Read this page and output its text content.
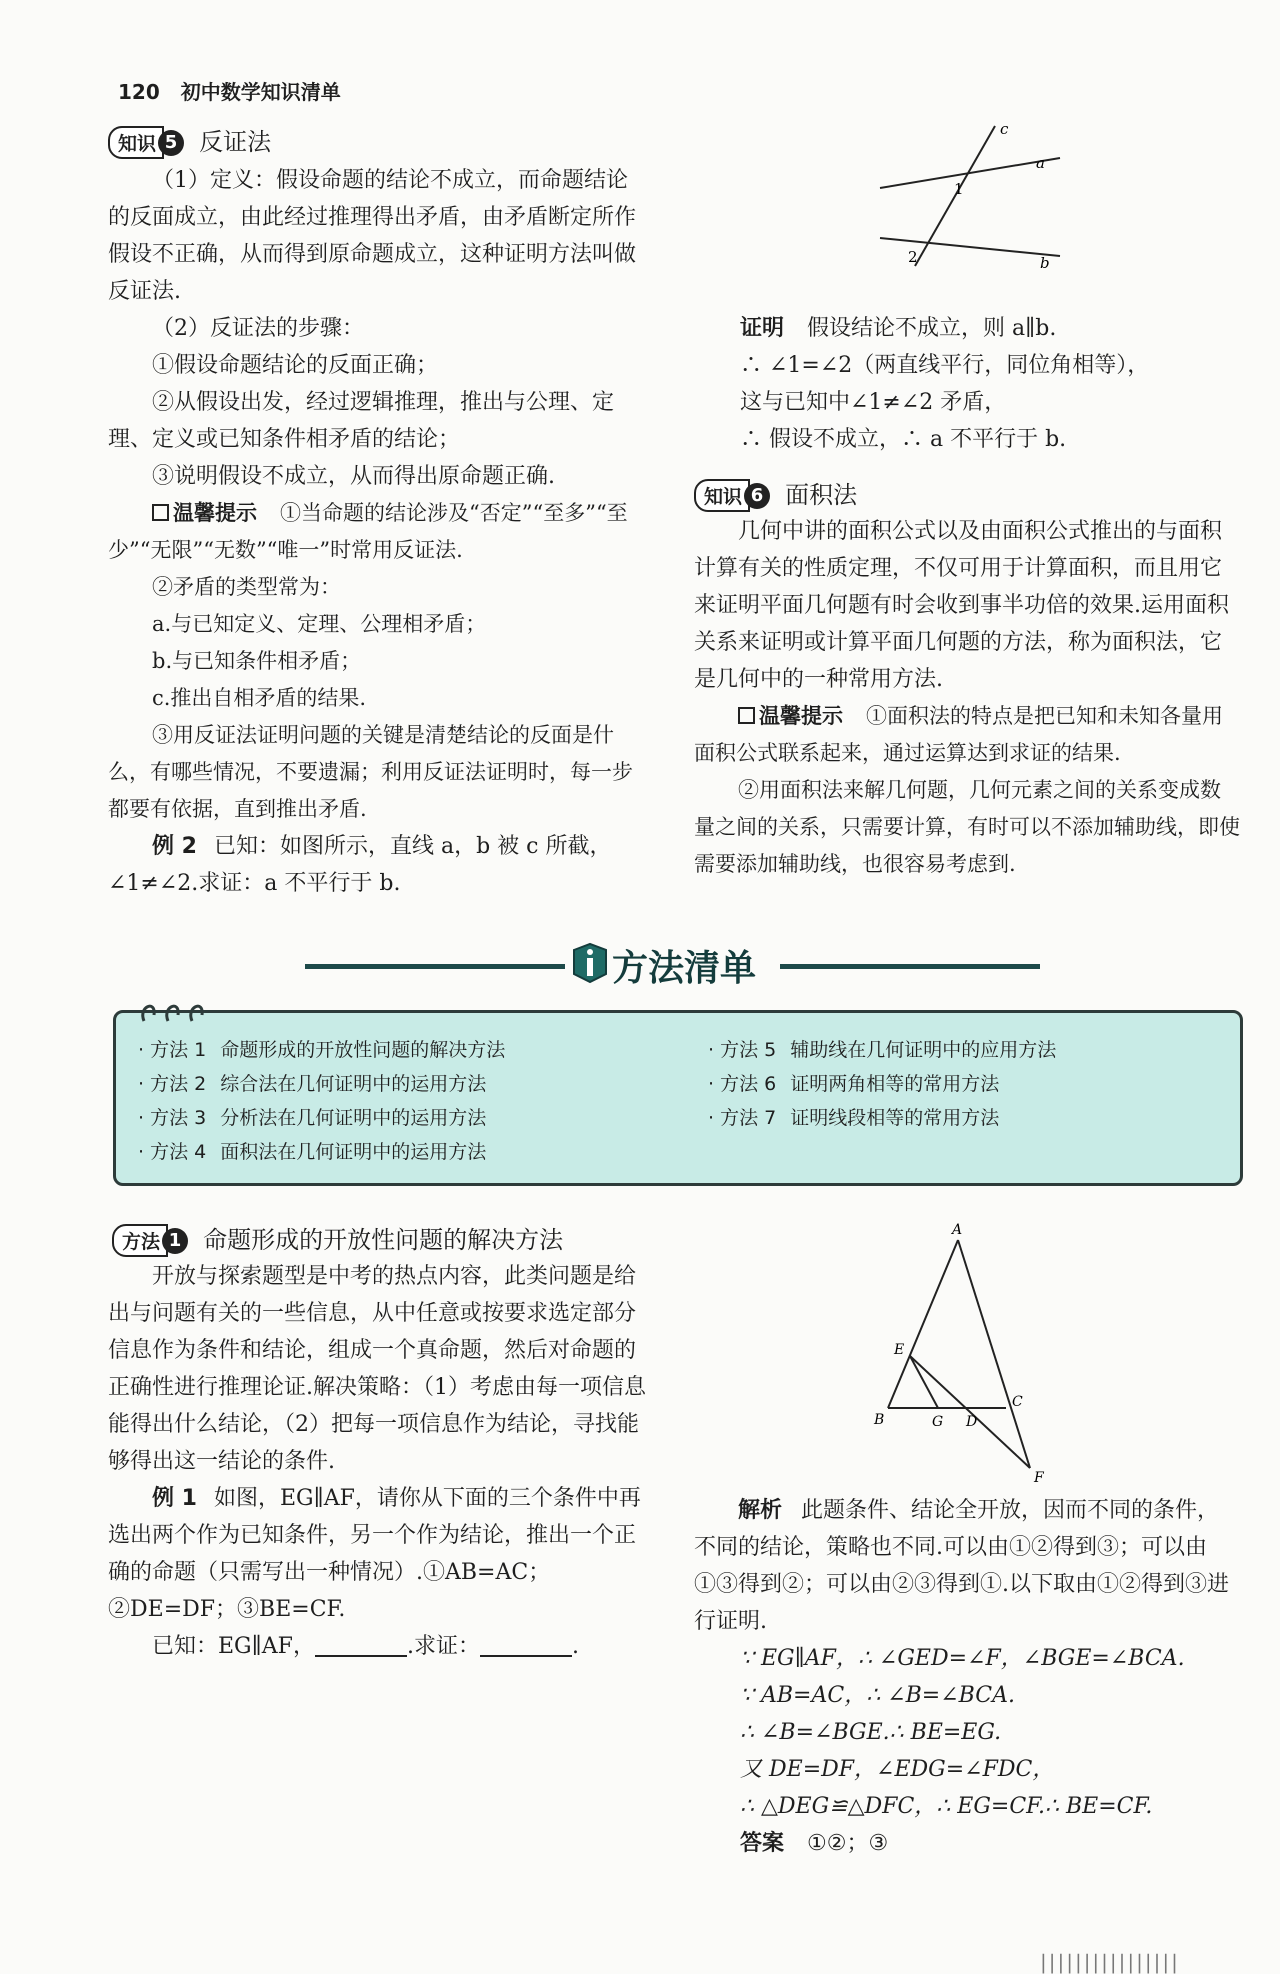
120 初中数学知识清单
知识 5 反证法

（1）定义：假设命题的结论不成立，而命题结论的反面成立，由此经过推理得出矛盾，由矛盾断定所作假设不正确，从而得到原命题成立，这种证明方法叫做反证法.

（2）反证法的步骤：

①假设命题结论的反面正确；

②从假设出发，经过逻辑推理，推出与公理、定理、定义或已知条件相矛盾的结论；

③说明假设不成立，从而得出原命题正确.

温馨提示 ①当命题的结论涉及“否定”“至多”“至少”“无限”“无数”“唯一”时常用反证法.

②矛盾的类型常为：

a.与已知定义、定理、公理相矛盾；

b.与已知条件相矛盾；

c.推出自相矛盾的结果.

③用反证法证明问题的关键是清楚结论的反面是什么，有哪些情况，不要遗漏；利用反证法证明时，每一步都要有依据，直到推出矛盾.

例 2 已知：如图所示，直线 a，b 被 c 所截，∠1≠∠2.求证：a 不平行于 b.

c
a
b
1
2

证明 假设结论不成立，则 a∥b.

∴ ∠1=∠2（两直线平行，同位角相等），

这与已知中∠1≠∠2 矛盾，

∴ 假设不成立，∴ a 不平行于 b.

知识 6 面积法

几何中讲的面积公式以及由面积公式推出的与面积计算有关的性质定理，不仅可用于计算面积，而且用它来证明平面几何题有时会收到事半功倍的效果.运用面积关系来证明或计算平面几何题的方法，称为面积法，它是几何中的一种常用方法.

温馨提示 ①面积法的特点是把已知和未知各量用面积公式联系起来，通过运算达到求证的结果.

②用面积法来解几何题，几何元素之间的关系变成数量之间的关系，只需要计算，有时可以不添加辅助线，即使需要添加辅助线，也很容易考虑到.

方法清单
· 方法 1 命题形成的开放性问题的解决方法
· 方法 2 综合法在几何证明中的运用方法
· 方法 3 分析法在几何证明中的运用方法
· 方法 4 面积法在几何证明中的运用方法
· 方法 5 辅助线在几何证明中的应用方法
· 方法 6 证明两角相等的常用方法
· 方法 7 证明线段相等的常用方法
方法 1 命题形成的开放性问题的解决方法

开放与探索题型是中考的热点内容，此类问题是给出与问题有关的一些信息，从中任意或按要求选定部分信息作为条件和结论，组成一个真命题，然后对命题的正确性进行推理论证.解决策略：（1）考虑由每一项信息能得出什么结论，（2）把每一项信息作为结论，寻找能够得出这一结论的条件.

例 1 如图，EG∥AF，请你从下面的三个条件中再选出两个作为已知条件，另一个作为结论，推出一个正确的命题（只需写出一种情况）.①AB=AC；②DE=DF；③BE=CF.

已知：EG∥AF，	.求证：	.

A
E
B	G D
C
F

解析 此题条件、结论全开放，因而不同的条件，不同的结论，策略也不同.可以由①②得到③；可以由①③得到②；可以由②③得到①.以下取由①②得到③进行证明.

∵ EG∥AF，∴ ∠GED=∠F，∠BGE=∠BCA.

∵ AB=AC，∴ ∠B=∠BCA.

∴ ∠B=∠BGE.∴ BE=EG.

又 DE=DF，∠EDG=∠FDC，

∴ △DEG≌△DFC，∴ EG=CF.∴ BE=CF.

答案 ①②；③

||||||||||||||||
